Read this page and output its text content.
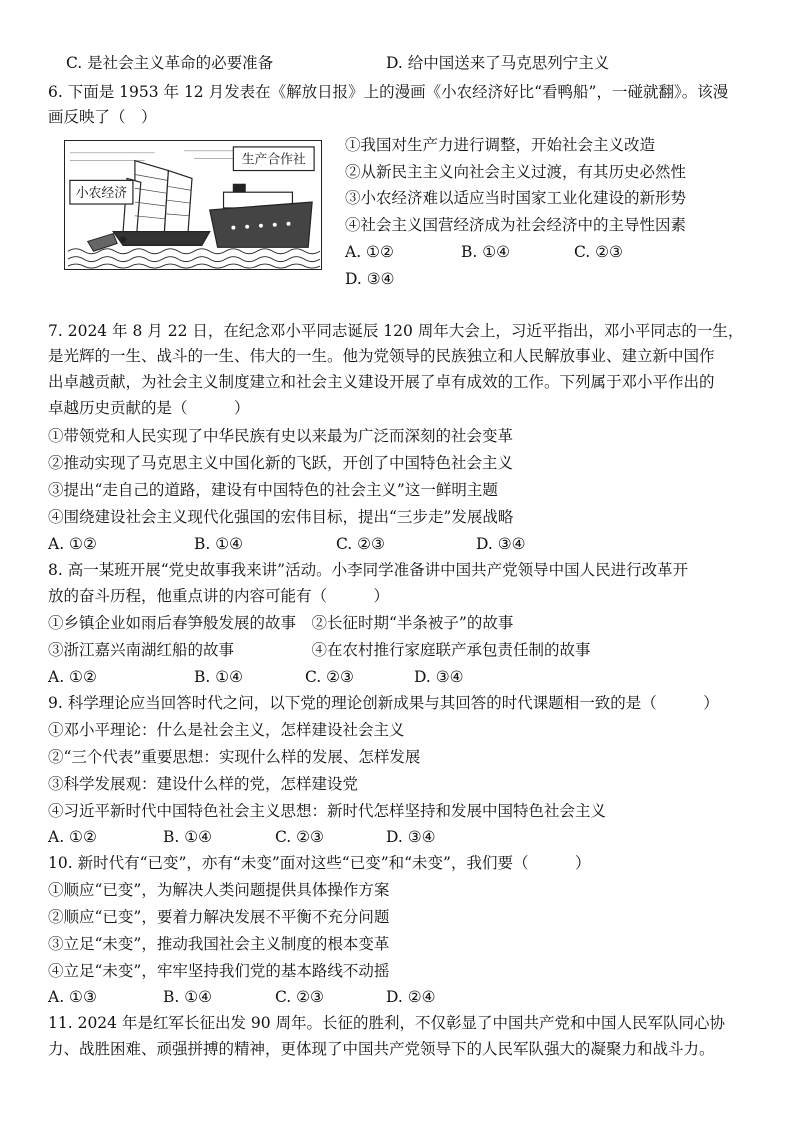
C. 是社会主义革命的必要准备	D. 给中国送来了马克思列宁主义
6. 下面是 1953 年 12 月发表在《解放日报》上的漫画《小农经济好比“看鸭船”，一碰就翻》。该漫
画反映了（　）
小农经济
生产合作社
①我国对生产力进行调整，开始社会主义改造
②从新民主主义向社会主义过渡，有其历史必然性
③小农经济难以适应当时国家工业化建设的新形势
④社会主义国营经济成为社会经济中的主导性因素
A. ①②	B. ①④	C. ②③
D. ③④
7. 2024 年 8 月 22 日，在纪念邓小平同志诞辰 120 周年大会上，习近平指出，邓小平同志的一生，
是光辉的一生、战斗的一生、伟大的一生。他为党领导的民族独立和人民解放事业、建立新中国作
出卓越贡献，为社会主义制度建立和社会主义建设开展了卓有成效的工作。下列属于邓小平作出的
卓越历史贡献的是（　　　）
①带领党和人民实现了中华民族有史以来最为广泛而深刻的社会变革
②推动实现了马克思主义中国化新的飞跃，开创了中国特色社会主义
③提出“走自己的道路，建设有中国特色的社会主义”这一鲜明主题
④围绕建设社会主义现代化强国的宏伟目标，提出“三步走”发展战略
A. ①②	B. ①④	C. ②③	D. ③④
8. 高一某班开展“党史故事我来讲”活动。小李同学准备讲中国共产党领导中国人民进行改革开
放的奋斗历程，他重点讲的内容可能有（　　　）
①乡镇企业如雨后春笋般发展的故事　②长征时期“半条被子”的故事
③浙江嘉兴南湖红船的故事　　　　　④在农村推行家庭联产承包责任制的故事
A. ①②	B. ①④	C. ②③	D. ③④
9. 科学理论应当回答时代之问，以下党的理论创新成果与其回答的时代课题相一致的是（　　　）
①邓小平理论：什么是社会主义，怎样建设社会主义
②“三个代表”重要思想：实现什么样的发展、怎样发展
③科学发展观：建设什么样的党，怎样建设党
④习近平新时代中国特色社会主义思想：新时代怎样坚持和发展中国特色社会主义
A. ①②	B. ①④	C. ②③	D. ③④
10. 新时代有“已变”，亦有“未变”面对这些“已变”和“未变”，我们要（　　　）
①顺应“已变”，为解决人类问题提供具体操作方案
②顺应“已变”，要着力解决发展不平衡不充分问题
③立足“未变”，推动我国社会主义制度的根本变革
④立足“未变”，牢牢坚持我们党的基本路线不动摇
A. ①③	B. ①④	C. ②③	D. ②④
11. 2024 年是红军长征出发 90 周年。长征的胜利，不仅彰显了中国共产党和中国人民军队同心协
力、战胜困难、顽强拼搏的精神，更体现了中国共产党领导下的人民军队强大的凝聚力和战斗力。
